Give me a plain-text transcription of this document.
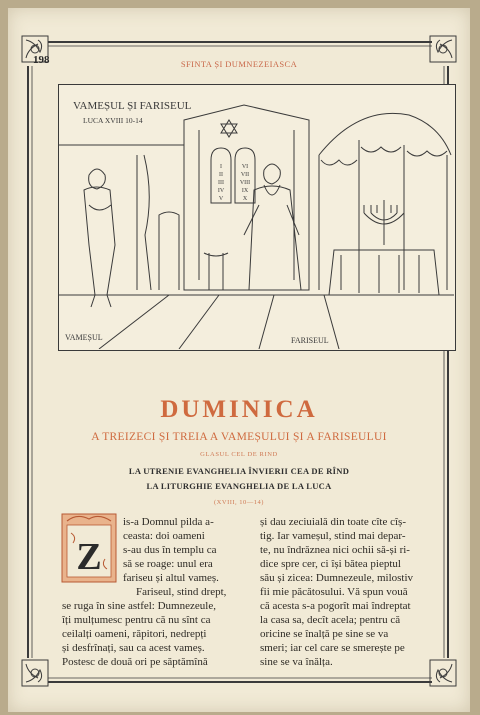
198	SFINTA ȘI DUMNEZEIASCA
VAMEȘUL ȘI FARISEUL
LUCA XVIII 10-14
I
II
III
IV
V
VI
VII
VIII
IX
X
VAMEȘUL	FARISEUL
DUMINICA
A TREIZECI ȘI TREIA A VAMEȘULUI ȘI A FARISEULUI
GLASUL CEL DE RIND
LA UTRENIE EVANGHELIA ÎNVIERII CEA DE RÎND
LA LITURGHIE EVANGHELIA DE LA LUCA
(XVIII, 10—14)
Z
is-a Domnul pilda a-
ceasta: doi oameni
s-au dus în templu ca
să se roage: unul era
fariseu și altul vameș.
Fariseul, stind drept,
se ruga în sine astfel: Dumnezeule,
îți mulțumesc pentru că nu sînt ca
ceilalți oameni, răpitori, nedrepți
și desfrînați, sau ca acest vameș.
Postesc de două ori pe săptămînă
și dau zeciuială din toate cîte cîș-
tig. Iar vameșul, stind mai depar-
te, nu îndrăznea nici ochii să-și ri-
dice spre cer, ci își bătea pieptul
său și zicea: Dumnezeule, milostiv
fii mie păcătosului. Vă spun vouă
că acesta s-a pogorît mai îndreptat
la casa sa, decît acela; pentru că
oricine se înalță pe sine se va
smeri; iar cel care se smerește pe
sine se va înălța.
